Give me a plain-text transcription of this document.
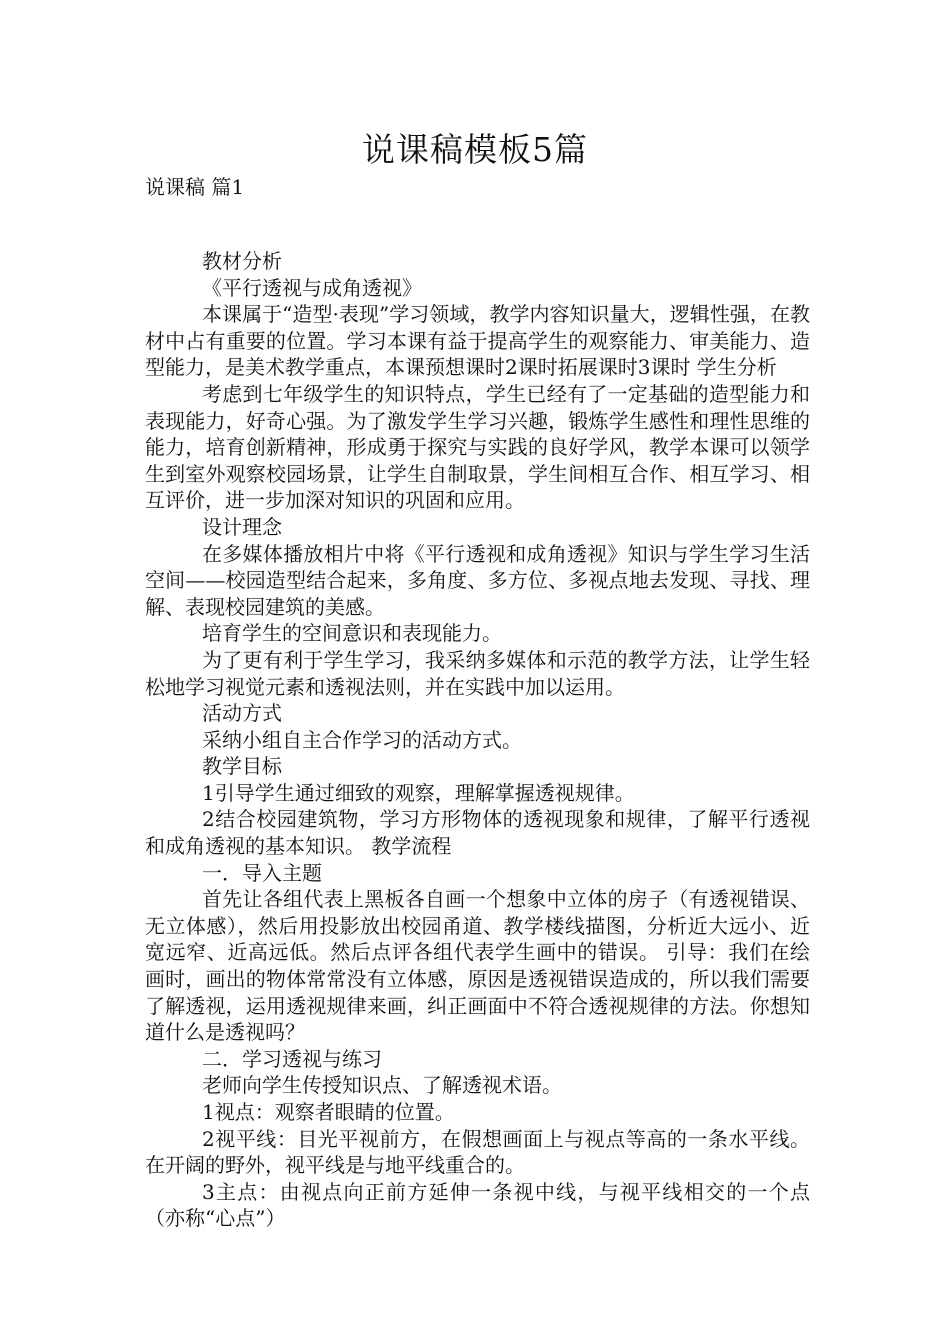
说课稿模板5篇
说课稿 篇1

教材分析

《平行透视与成角透视》

本课属于“造型·表现”学习领域，教学内容知识量大，逻辑性强，在教材中占有重要的位置。学习本课有益于提高学生的观察能力、审美能力、造型能力，是美术教学重点，本课预想课时2课时拓展课时3课时 学生分析

考虑到七年级学生的知识特点，学生已经有了一定基础的造型能力和表现能力，好奇心强。为了激发学生学习兴趣，锻炼学生感性和理性思维的能力，培育创新精神，形成勇于探究与实践的良好学风，教学本课可以领学生到室外观察校园场景，让学生自制取景，学生间相互合作、相互学习、相互评价，进一步加深对知识的巩固和应用。

设计理念

在多媒体播放相片中将《平行透视和成角透视》知识与学生学习生活空间——校园造型结合起来，多角度、多方位、多视点地去发现、寻找、理解、表现校园建筑的美感。

培育学生的空间意识和表现能力。

为了更有利于学生学习，我采纳多媒体和示范的教学方法，让学生轻松地学习视觉元素和透视法则，并在实践中加以运用。

活动方式

采纳小组自主合作学习的活动方式。

教学目标

1引导学生通过细致的观察，理解掌握透视规律。

2结合校园建筑物，学习方形物体的透视现象和规律，了解平行透视和成角透视的基本知识。 教学流程

一．导入主题

首先让各组代表上黑板各自画一个想象中立体的房子（有透视错误、无立体感），然后用投影放出校园甬道、教学楼线描图，分析近大远小、近宽远窄、近高远低。然后点评各组代表学生画中的错误。 引导：我们在绘画时，画出的物体常常没有立体感，原因是透视错误造成的，所以我们需要了解透视，运用透视规律来画，纠正画面中不符合透视规律的方法。你想知道什么是透视吗？

二．学习透视与练习

老师向学生传授知识点、了解透视术语。

1视点：观察者眼睛的位置。

2视平线：目光平视前方，在假想画面上与视点等高的一条水平线。在开阔的野外，视平线是与地平线重合的。

3主点：由视点向正前方延伸一条视中线，与视平线相交的一个点（亦称“心点”）
